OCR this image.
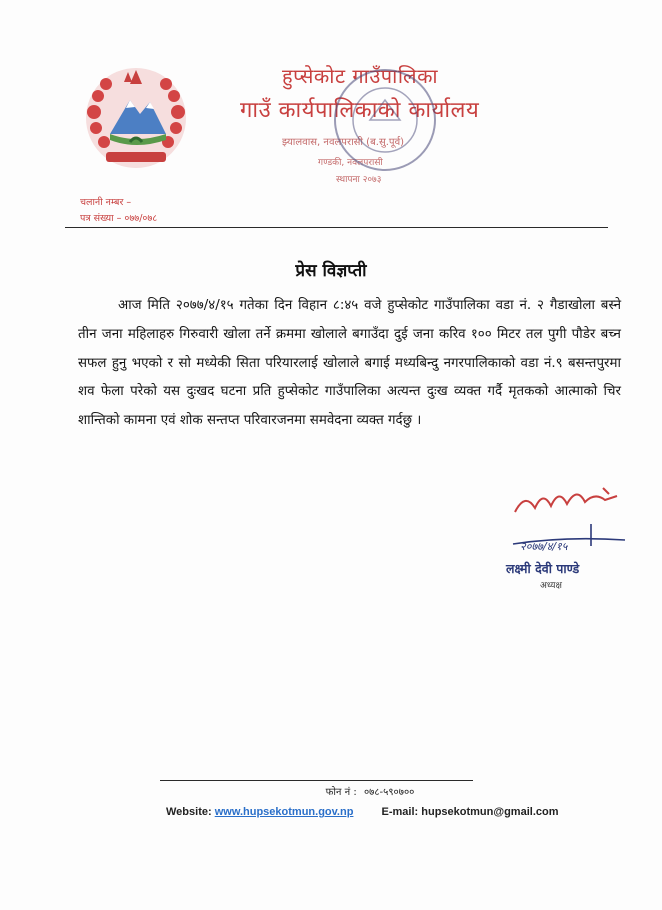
हुप्सेकोट गाउँपालिका
गाउँ कार्यपालिकाको कार्यालय
झ्यालवास, नवलपरासी (ब.सु.पूर्व)
गण्डकी, नवलपरासी
स्थापना २०७३
चलानी नम्बर –
पत्र संख्या – ०७७/०७८
प्रेस विज्ञप्ती

आज मिति २०७७/४/१५ गतेका दिन विहान ८:४५ वजे हुप्सेकोट गाउँपालिका वडा नं. २ गैडाखोला बस्ने तीन जना महिलाहरु गिरुवारी खोला तर्ने क्रममा खोलाले बगाउँदा दुई जना करिव १०० मिटर तल पुगी पौडेर बच्न सफल हुनु भएको र सो मध्येकी सिता परियारलाई खोलाले बगाई मध्यबिन्दु नगरपालिकाको वडा नं.९ बसन्तपुरमा शव फेला परेको यस दुःखद घटना प्रति हुप्सेकोट गाउँपालिका अत्यन्त दुःख व्यक्त गर्दै मृतकको आत्माको चिर शान्तिको कामना एवं शोक सन्तप्त परिवारजनमा समवेदना व्यक्त गर्दछु ।

२०७७/४/१५
लक्ष्मी देवी पाण्डे
अध्यक्ष
फोन नं : ०७८-५९०७००
Website: www.hupsekotmun.gov.np	E-mail: hupsekotmun@gmail.com
